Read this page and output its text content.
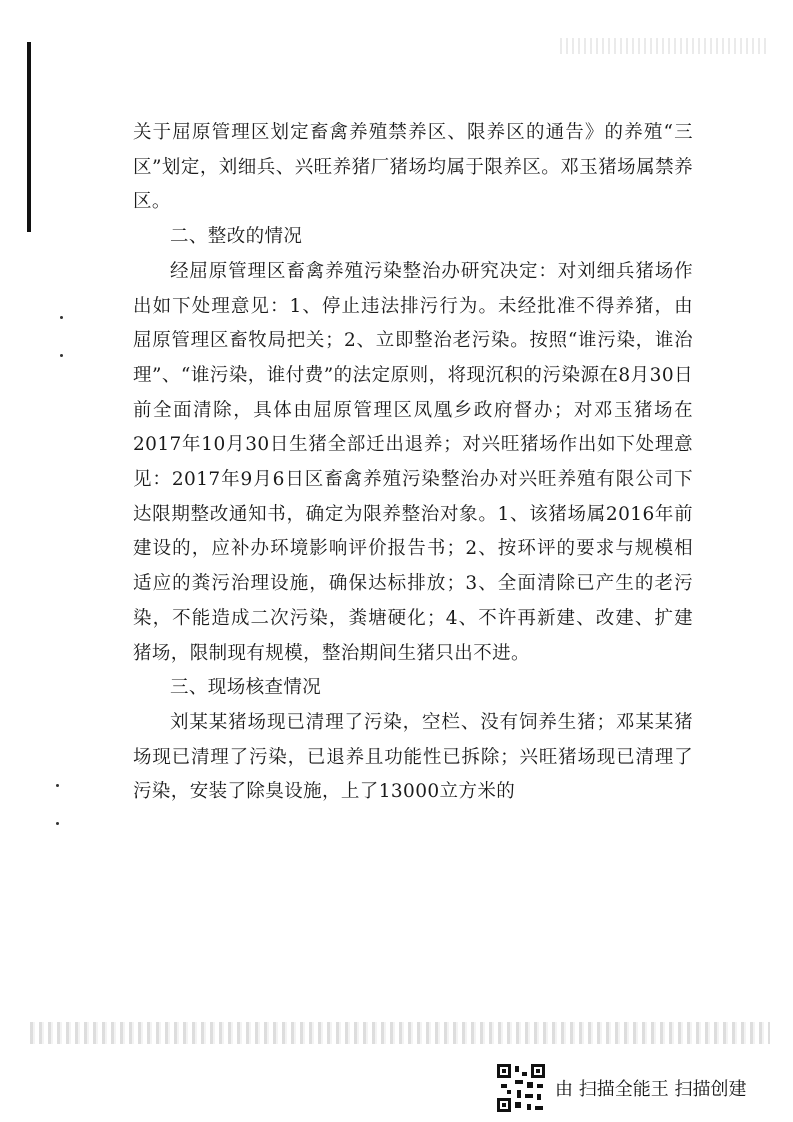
关于屈原管理区划定畜禽养殖禁养区、限养区的通告》的养殖“三区”划定，刘细兵、兴旺养猪厂猪场均属于限养区。邓玉猪场属禁养区。

二、整改的情况

经屈原管理区畜禽养殖污染整治办研究决定：对刘细兵猪场作出如下处理意见：1、停止违法排污行为。未经批准不得养猪，由屈原管理区畜牧局把关；2、立即整治老污染。按照“谁污染，谁治理”、“谁污染，谁付费”的法定原则，将现沉积的污染源在8月30日前全面清除，具体由屈原管理区凤凰乡政府督办；对邓玉猪场在2017年10月30日生猪全部迁出退养；对兴旺猪场作出如下处理意见：2017年9月6日区畜禽养殖污染整治办对兴旺养殖有限公司下达限期整改通知书，确定为限养整治对象。1、该猪场属2016年前建设的，应补办环境影响评价报告书；2、按环评的要求与规模相适应的粪污治理设施，确保达标排放；3、全面清除已产生的老污染，不能造成二次污染，粪塘硬化；4、不许再新建、改建、扩建猪场，限制现有规模，整治期间生猪只出不进。

三、现场核查情况

刘某某猪场现已清理了污染，空栏、没有饲养生猪；邓某某猪场现已清理了污染，已退养且功能性已拆除；兴旺猪场现已清理了污染，安装了除臭设施，上了13000立方米的

由 扫描全能王 扫描创建
